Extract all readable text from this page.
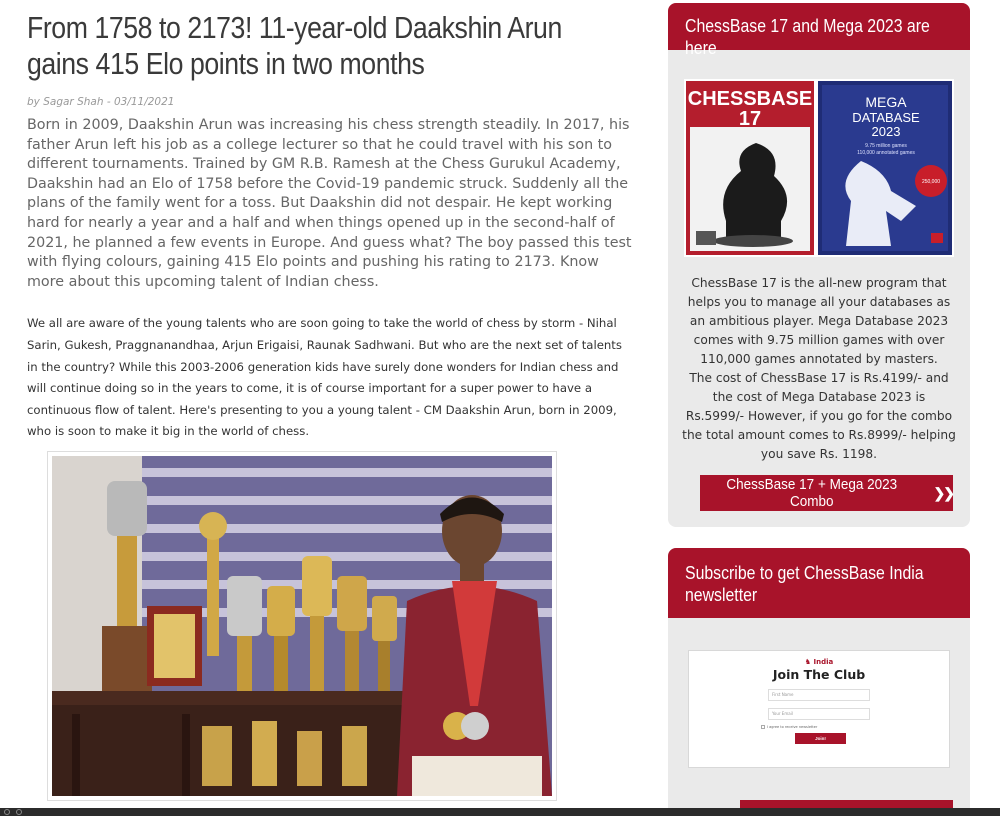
From 1758 to 2173! 11-year-old Daakshin Arun gains 415 Elo points in two months
by Sagar Shah - 03/11/2021

Born in 2009, Daakshin Arun was increasing his chess strength steadily. In 2017, his father Arun left his job as a college lecturer so that he could travel with his son to different tournaments. Trained by GM R.B. Ramesh at the Chess Gurukul Academy, Daakshin had an Elo of 1758 before the Covid-19 pandemic struck. Suddenly all the plans of the family went for a toss. But Daakshin did not despair. He kept working hard for nearly a year and a half and when things opened up in the second-half of 2021, he planned a few events in Europe. And guess what? The boy passed this test with flying colours, gaining 415 Elo points and pushing his rating to 2173. Know more about this upcoming talent of Indian chess.

We all are aware of the young talents who are soon going to take the world of chess by storm - Nihal Sarin, Gukesh, Praggnanandhaa, Arjun Erigaisi, Raunak Sadhwani. But who are the next set of talents in the country? While this 2003-2006 generation kids have surely done wonders for Indian chess and will continue doing so in the years to come, it is of course important for a super power to have a continuous flow of talent. Here's presenting to you a young talent - CM Daakshin Arun, born in 2009, who is soon to make it big in the world of chess.

ChessBase 17 and Mega 2023 are here
CHESSBASE
17
MEGA
DATABASE
2023
9.75 million games
110,000 annotated games
250,000

ChessBase 17 is the all-new program that helps you to manage all your databases as an ambitious player. Mega Database 2023 comes with 9.75 million games with over 110,000 games annotated by masters.
The cost of ChessBase 17 is Rs.4199/- and the cost of Mega Database 2023 is Rs.5999/- However, if you go for the combo the total amount comes to Rs.8999/- helping you save Rs. 1198.

ChessBase 17 + Mega 2023 Combo
❯❯
Subscribe to get ChessBase India newsletter
♞ India
Join The Club
First Name
Your Email
I agree to receive newsletter
Join!
